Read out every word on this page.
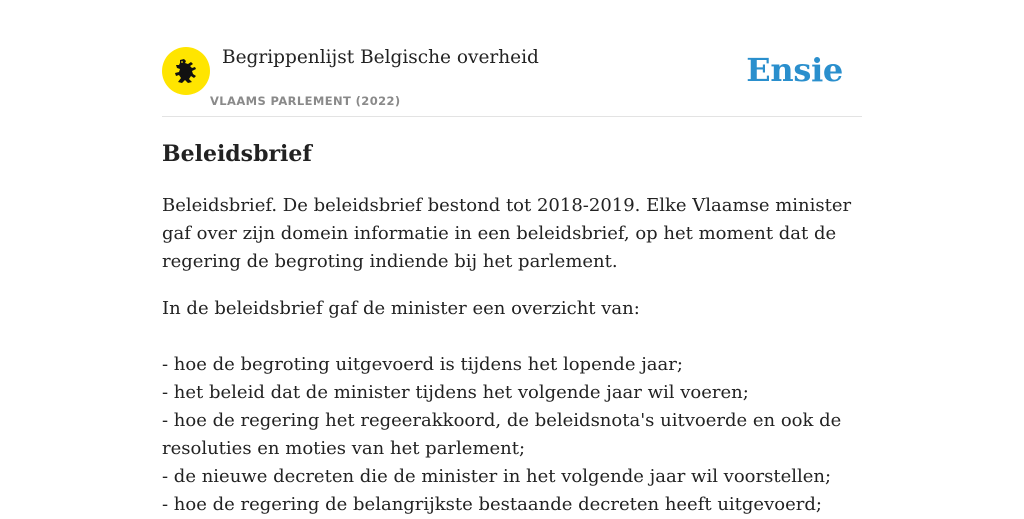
Begrippenlijst Belgische overheid
VLAAMS PARLEMENT (2022)
Ensie
Beleidsbrief

Beleidsbrief. De beleidsbrief bestond tot 2018-2019. Elke Vlaamse minister gaf over zijn domein informatie in een beleidsbrief, op het moment dat de regering de begroting indiende bij het parlement.

In de beleidsbrief gaf de minister een overzicht van:

- hoe de begroting uitgevoerd is tijdens het lopende jaar;
- het beleid dat de minister tijdens het volgende jaar wil voeren;
- hoe de regering het regeerakkoord, de beleidsnota's uitvoerde en ook de
resoluties en moties van het parlement;
- de nieuwe decreten die de minister in het volgende jaar wil voorstellen;
- hoe de regering de belangrijkste bestaande decreten heeft uitgevoerd;
